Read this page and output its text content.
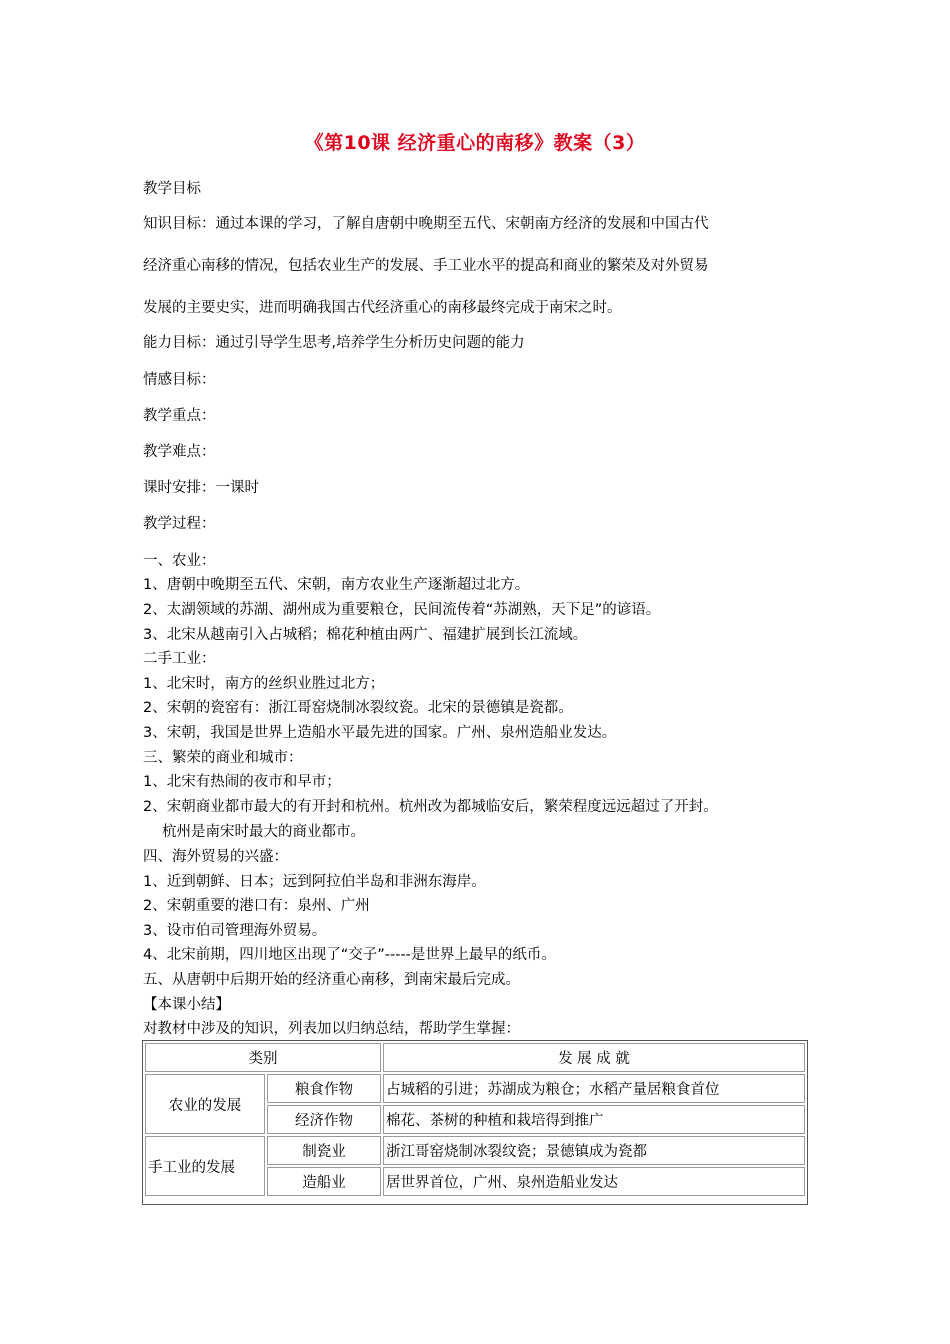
《第10课 经济重心的南移》教案（3）
教学目标
知识目标：通过本课的学习，了解自唐朝中晚期至五代、宋朝南方经济的发展和中国古代
经济重心南移的情况，包括农业生产的发展、手工业水平的提高和商业的繁荣及对外贸易
发展的主要史实，进而明确我国古代经济重心的南移最终完成于南宋之时。
能力目标：通过引导学生思考,培养学生分析历史问题的能力
情感目标：
教学重点：
教学难点：
课时安排：一课时
教学过程：
一、农业：
1、唐朝中晚期至五代、宋朝，南方农业生产逐渐超过北方。
2、太湖领域的苏湖、湖州成为重要粮仓，民间流传着“苏湖熟，天下足”的谚语。
3、北宋从越南引入占城稻；棉花种植由两广、福建扩展到长江流域。
二手工业：
1、北宋时，南方的丝织业胜过北方；
2、宋朝的瓷窑有：浙江哥窑烧制冰裂纹瓷。北宋的景德镇是瓷都。
3、宋朝，我国是世界上造船水平最先进的国家。广州、泉州造船业发达。
三、繁荣的商业和城市：
1、北宋有热闹的夜市和早市；
2、宋朝商业都市最大的有开封和杭州。杭州改为都城临安后，繁荣程度远远超过了开封。
杭州是南宋时最大的商业都市。
四、海外贸易的兴盛：
1、近到朝鲜、日本；远到阿拉伯半岛和非洲东海岸。
2、宋朝重要的港口有：泉州、广州
3、设市伯司管理海外贸易。
4、北宋前期，四川地区出现了“交子”-----是世界上最早的纸币。
五、从唐朝中后期开始的经济重心南移，到南宋最后完成。
【本课小结】
对教材中涉及的知识，列表加以归纳总结，帮助学生掌握：
类别		发 展 成 就
农业的发展	粮食作物	占城稻的引进；苏湖成为粮仓；水稻产量居粮食首位
	经济作物	棉花、茶树的种植和栽培得到推广
手工业的发展	制瓷业	浙江哥窑烧制冰裂纹瓷；景德镇成为瓷都
	造船业	居世界首位，广州、泉州造船业发达
